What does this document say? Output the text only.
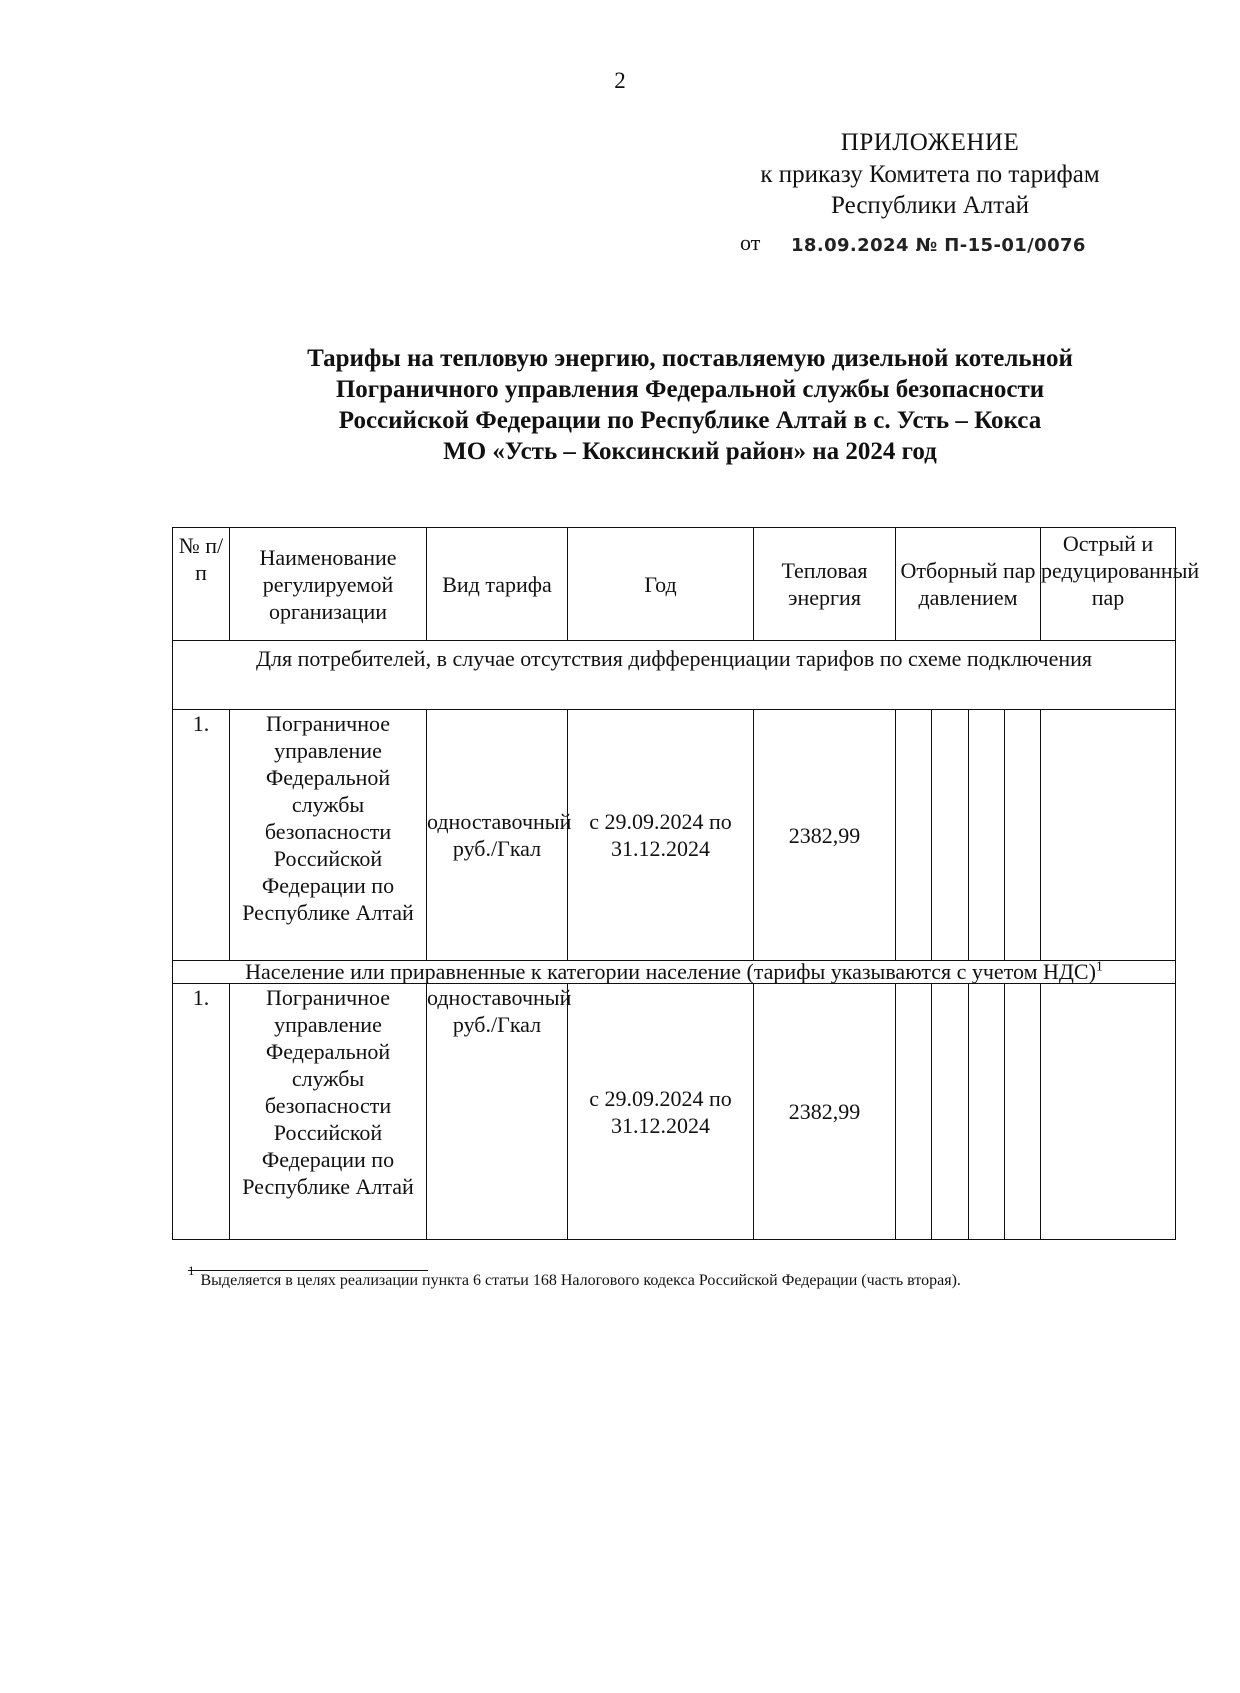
2
ПРИЛОЖЕНИЕ
к приказу Комитета по тарифам
Республики Алтай
от 18.09.2024 № П-15-01/0076
Тарифы на тепловую энергию, поставляемую дизельной котельной
Пограничного управления Федеральной службы безопасности
Российской Федерации по Республике Алтай в с. Усть – Кокса
МО «Усть – Коксинский район» на 2024 год
№ п/п	Наименование регулируемой организации	Вид тарифа	Год	Тепловая энергия	Отборный пар давлением	Острый и редуцированный пар
Для потребителей, в случае отсутствия дифференциации тарифов по схеме подключения						
1.	Пограничное управление Федеральной службы безопасности Российской Федерации по Республике Алтай	одноставочный руб./Гкал	с 29.09.2024 по 31.12.2024	2382,99	

Население или приравненные к категории население (тарифы указываются с учетом НДС)$^1$
1.	Пограничное управление Федеральной службы безопасности Российской Федерации по Республике Алтай	одноставочный руб./Гкал	с 29.09.2024 по 31.12.2024	2382,99	

$^1$Выделяется в целях реализации пункта 6 статьи 168 Налогового кодекса Российской Федерации (часть вторая).
